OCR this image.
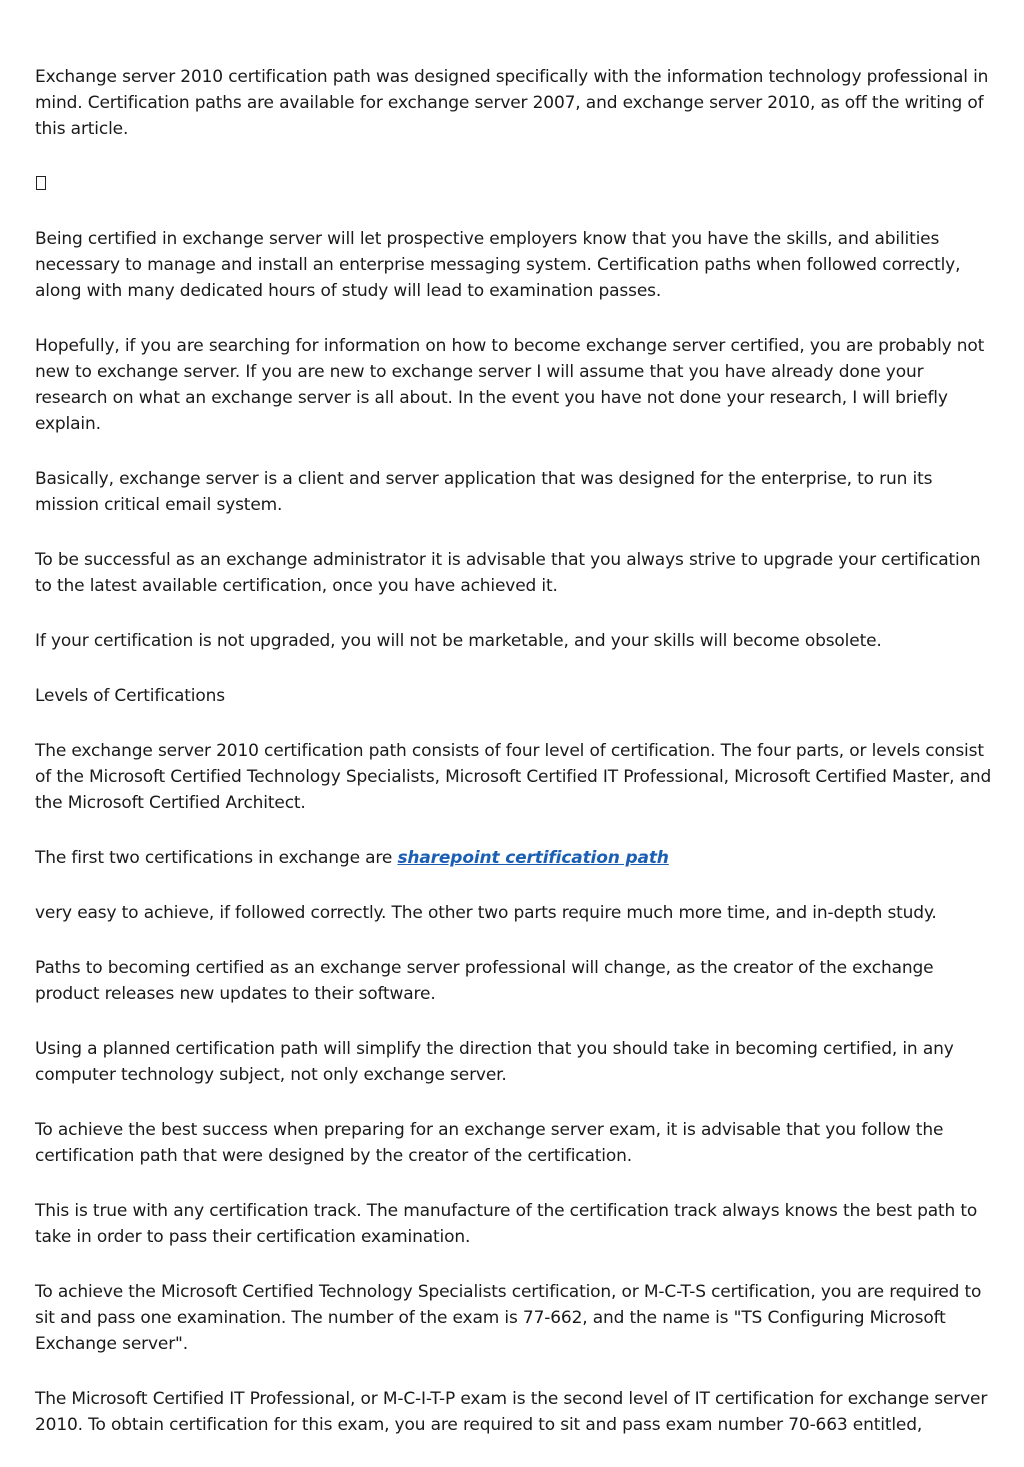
Exchange server 2010 certification path was designed specifically with the information technology professional in mind. Certification paths are available for exchange server 2007, and exchange server 2010, as off the writing of this article.

Being certified in exchange server will let prospective employers know that you have the skills, and abilities necessary to manage and install an enterprise messaging system. Certification paths when followed correctly, along with many dedicated hours of study will lead to examination passes.

Hopefully, if you are searching for information on how to become exchange server certified, you are probably not new to exchange server. If you are new to exchange server I will assume that you have already done your research on what an exchange server is all about. In the event you have not done your research, I will briefly explain.

Basically, exchange server is a client and server application that was designed for the enterprise, to run its mission critical email system.

To be successful as an exchange administrator it is advisable that you always strive to upgrade your certification to the latest available certification, once you have achieved it.

If your certification is not upgraded, you will not be marketable, and your skills will become obsolete.

Levels of Certifications

The exchange server 2010 certification path consists of four level of certification. The four parts, or levels consist of the Microsoft Certified Technology Specialists, Microsoft Certified IT Professional, Microsoft Certified Master, and the Microsoft Certified Architect.

The first two certifications in exchange are sharepoint certification path

very easy to achieve, if followed correctly. The other two parts require much more time, and in-depth study.

Paths to becoming certified as an exchange server professional will change, as the creator of the exchange product releases new updates to their software.

Using a planned certification path will simplify the direction that you should take in becoming certified, in any computer technology subject, not only exchange server.

To achieve the best success when preparing for an exchange server exam, it is advisable that you follow the certification path that were designed by the creator of the certification.

This is true with any certification track. The manufacture of the certification track always knows the best path to take in order to pass their certification examination.

To achieve the Microsoft Certified Technology Specialists certification, or M-C-T-S certification, you are required to sit and pass one examination. The number of the exam is 77-662, and the name is "TS Configuring Microsoft Exchange server".

The Microsoft Certified IT Professional, or M-C-I-T-P exam is the second level of IT certification for exchange server 2010. To obtain certification for this exam, you are required to sit and pass exam number 70-663 entitled,
